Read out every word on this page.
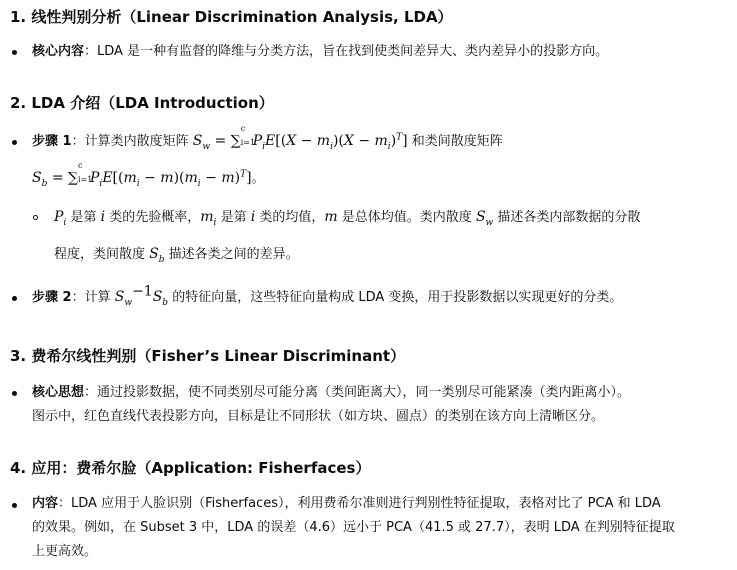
1. 线性判别分析（Linear Discrimination Analysis, LDA）
核心内容：LDA 是一种有监督的降维与分类方法，旨在找到使类间差异大、类内差异小的投影方向。
2. LDA 介绍（LDA Introduction）
步骤 1：计算类内散度矩阵 $S_w$ = ∑
c
i=1
$P_iE[(X - m_i)(X - m_i)^T]$ 和类间散度矩阵
$S_b$ = ∑
c
i=1
$P_iE[(m_i - m)(m_i - m)^T]$。
$P_i$ 是第 i 类的先验概率，$m_i$ 是第 i 类的均值，m 是总体均值。类内散度 $S_w$ 描述各类内部数据的分散
程度，类间散度 $S_b$ 描述各类之间的差异。
步骤 2：计算 $S_w^{-1}S_b$ 的特征向量，这些特征向量构成 LDA 变换，用于投影数据以实现更好的分类。
3. 费希尔线性判别（Fisher’s Linear Discriminant）
核心思想：通过投影数据，使不同类别尽可能分离（类间距离大），同一类别尽可能紧凑（类内距离小）。
图示中，红色直线代表投影方向，目标是让不同形状（如方块、圆点）的类别在该方向上清晰区分。
4. 应用：费希尔脸（Application: Fisherfaces）
内容：LDA 应用于人脸识别（Fisherfaces），利用费希尔准则进行判别性特征提取，表格对比了 PCA 和 LDA
的效果。例如，在 Subset 3 中，LDA 的误差（4.6）远小于 PCA（41.5 或 27.7），表明 LDA 在判别特征提取
上更高效。
